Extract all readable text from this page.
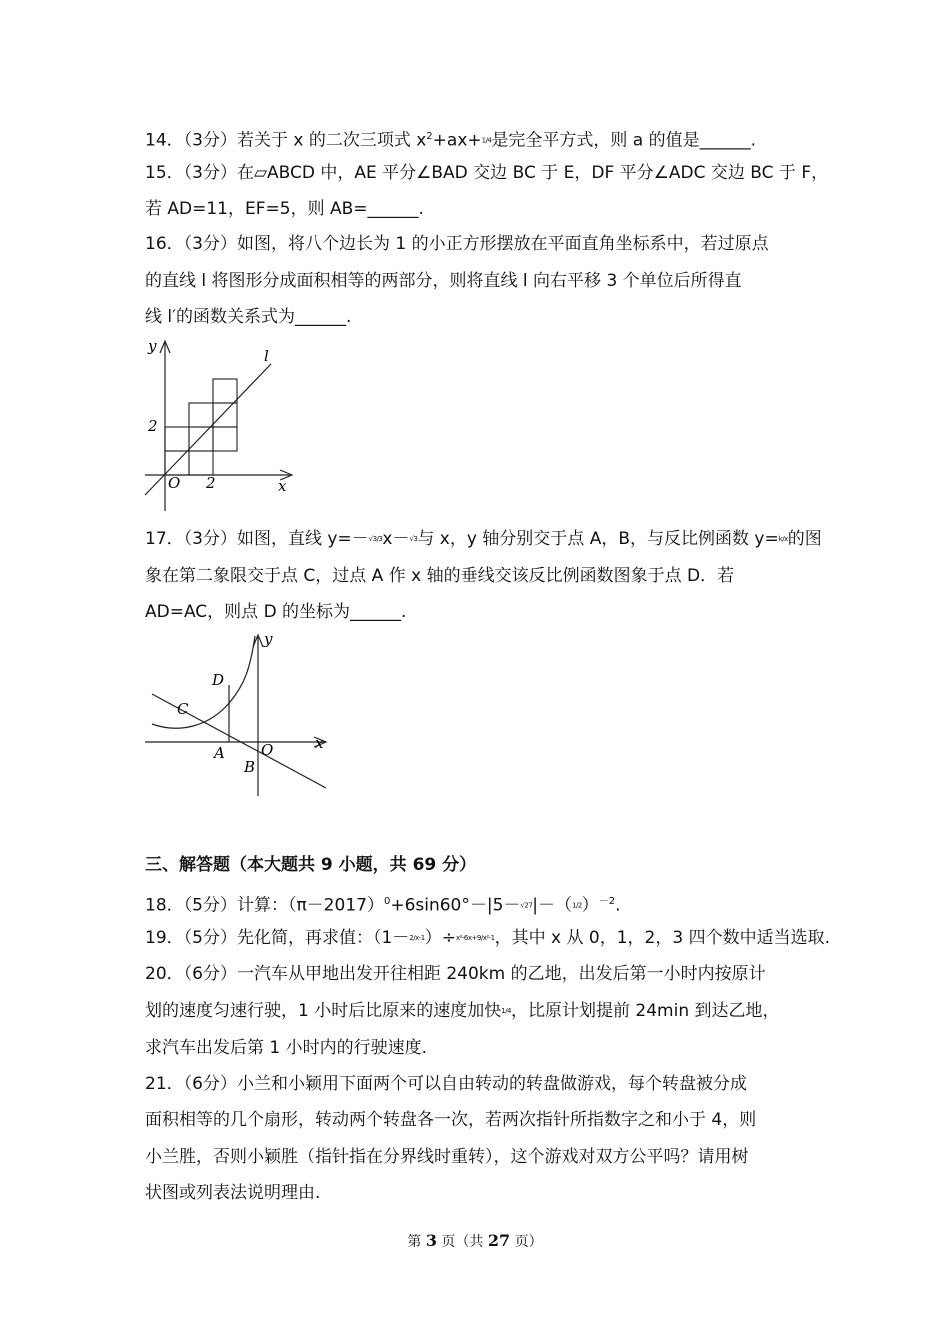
14．（3分）若关于 x 的二次三项式 $x^2+ax+1/4$是完全平方式，则 a 的值是______.
15．（3分）在▱ABCD 中，AE 平分∠BAD 交边 BC 于 E，DF 平分∠ADC 交边 BC 于 F，
若 AD=11，EF=5，则 AB=______.
16．（3分）如图，将八个边长为 1 的小正方形摆放在平面直角坐标系中，若过原点
的直线 l 将图形分成面积相等的两部分，则将直线 l 向右平移 3 个单位后所得直
线 l′的函数关系式为______.
y
l
2
O 2	x
17．（3分）如图，直线 y=－√3/3x－√3与 x，y 轴分别交于点 A，B，与反比例函数 y=k/x的图
象在第二象限交于点 C，过点 A 作 x 轴的垂线交该反比例函数图象于点 D．若
AD=AC，则点 D 的坐标为______.
y
D
C
O	x
A
B
三、解答题（本大题共 9 小题，共 69 分）
18．（5分）计算：$(\pi-2017)^0+6\sin 60^\circ-|5-√27|-(1/2)^{-2}$.
19．（5分）先化简，再求值：（1－2/x-1）÷x²-6x+9/x²-1，其中 x 从 0，1，2，3 四个数中适当选取.
20．（6分）一汽车从甲地出发开往相距 240km 的乙地，出发后第一小时内按原计
划的速度匀速行驶，1 小时后比原来的速度加快1/4，比原计划提前 24min 到达乙地，
求汽车出发后第 1 小时内的行驶速度.
21．（6分）小兰和小颖用下面两个可以自由转动的转盘做游戏，每个转盘被分成
面积相等的几个扇形，转动两个转盘各一次，若两次指针所指数字之和小于 4，则
小兰胜，否则小颖胜（指针指在分界线时重转），这个游戏对双方公平吗？请用树
状图或列表法说明理由.
第 3 页（共 27 页）
